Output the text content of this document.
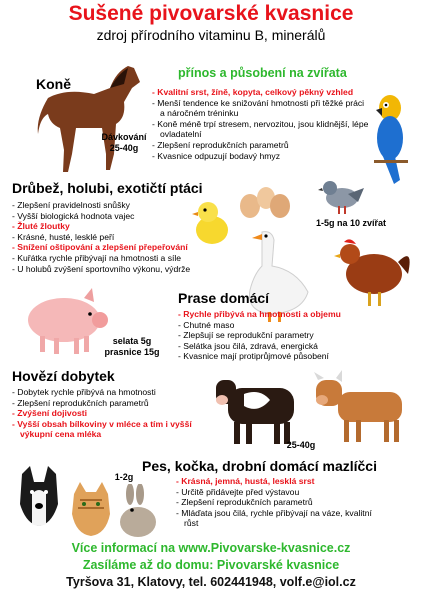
Sušené pivovarské kvasnice
zdroj přírodního vitaminu B, minerálů
přínos a působení na zvířata
Koně
Dávkování
25-40g
- Kvalitní srst, žíně, kopyta, celkový pěkný vzhled
- Menší tendence ke snižování hmotnosti při těžké práci a náročném tréninku
- Koně méně trpí stresem, nervozitou, jsou klidnější, lépe ovladatelní
- Zlepšení reprodukčních parametrů
- Kvasnice odpuzují bodavý hmyz
Drůbež, holubi, exotičtí ptáci
- Zlepšení pravidelnosti snůšky
- Vyšší biologická hodnota vajec
- Žluté žloutky
- Krásné, husté, lesklé peří
- Snížení oštipování a zlepšení přepeřování
- Kuřátka rychle přibývají na hmotnosti a síle
- U holubů zvýšení sportovního výkonu, výdrže
1-5g na 10 zvířat
Prase domácí
- Rychle přibývá na hmotnosti a objemu
- Chutné maso
- Zlepšují se reprodukční parametry
- Selátka jsou čilá, zdravá, energická
- Kvasnice mají protiprůjmové působení
selata 5g
prasnice 15g
Hovězí dobytek
- Dobytek rychle přibývá na hmotnosti
- Zlepšení reprodukčních parametrů
- Zvýšení dojivosti
- Vyšší obsah bílkoviny v mléce a tím i vyšší výkupní cena mléka
25-40g
Pes, kočka, drobní domácí mazlíčci
- Krásná, jemná, hustá, lesklá srst
- Určitě přidávejte před výstavou
- Zlepšení reprodukčních parametrů
- Mláďata jsou čilá, rychle přibývají na váze, kvalitní růst
1-2g
Více informací na www.Pivovarske-kvasnice.cz
Zasíláme až do domu: Pivovarské kvasnice
Tyršova 31, Klatovy, tel. 602441948, volf.e@iol.cz
